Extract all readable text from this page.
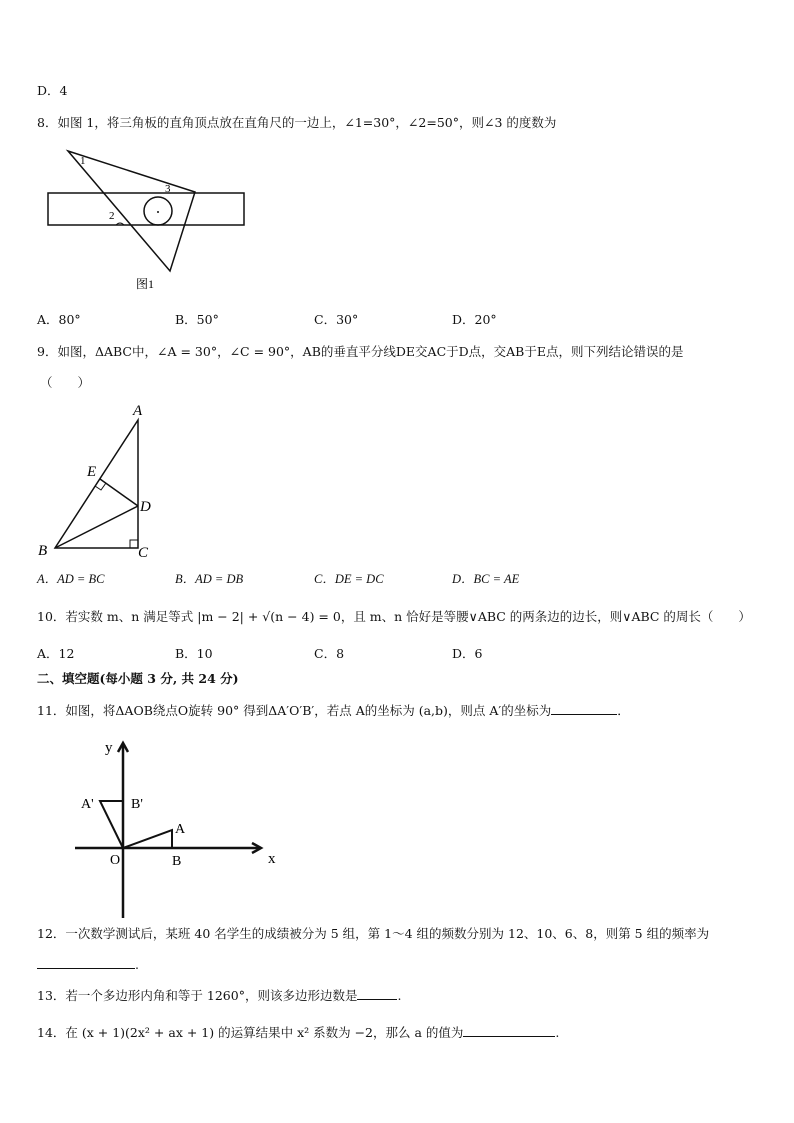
D．4
8．如图 1，将三角板的直角顶点放在直角尺的一边上，∠1=30°，∠2=50°，则∠3 的度数为
1
2
3
图1
A．80°	B．50°	C．30°	D．20°
9．如图，ΔABC中，∠A = 30°，∠C = 90°，AB的垂直平分线DE交AC于D点，交AB于E点，则下列结论错误的是
（　　）
A
B	C
D
E
A．AD = BC	B．AD = DB	C．DE = DC	D．BC = AE
10．若实数 m、n 满足等式 |m − 2| + √(n − 4) = 0，且 m、n 恰好是等腰∨ABC 的两条边的边长，则∨ABC 的周长（　　）
A．12	B．10	C．8	D．6
二、填空题(每小题 3 分, 共 24 分)
11．如图，将ΔAOB绕点O旋转 90° 得到ΔA′O′B′，若点 A的坐标为 (a,b)，则点 A′的坐标为	．
x
y
O
A
B
A'	B'
12．一次数学测试后，某班 40 名学生的成绩被分为 5 组，第 1～4 组的频数分别为 12、10、6、8，则第 5 组的频率为
.
13．若一个多边形内角和等于 1260°，则该多边形边数是	.
14．在 (x + 1)(2x² + ax + 1) 的运算结果中 x² 系数为 −2，那么 a 的值为	.
